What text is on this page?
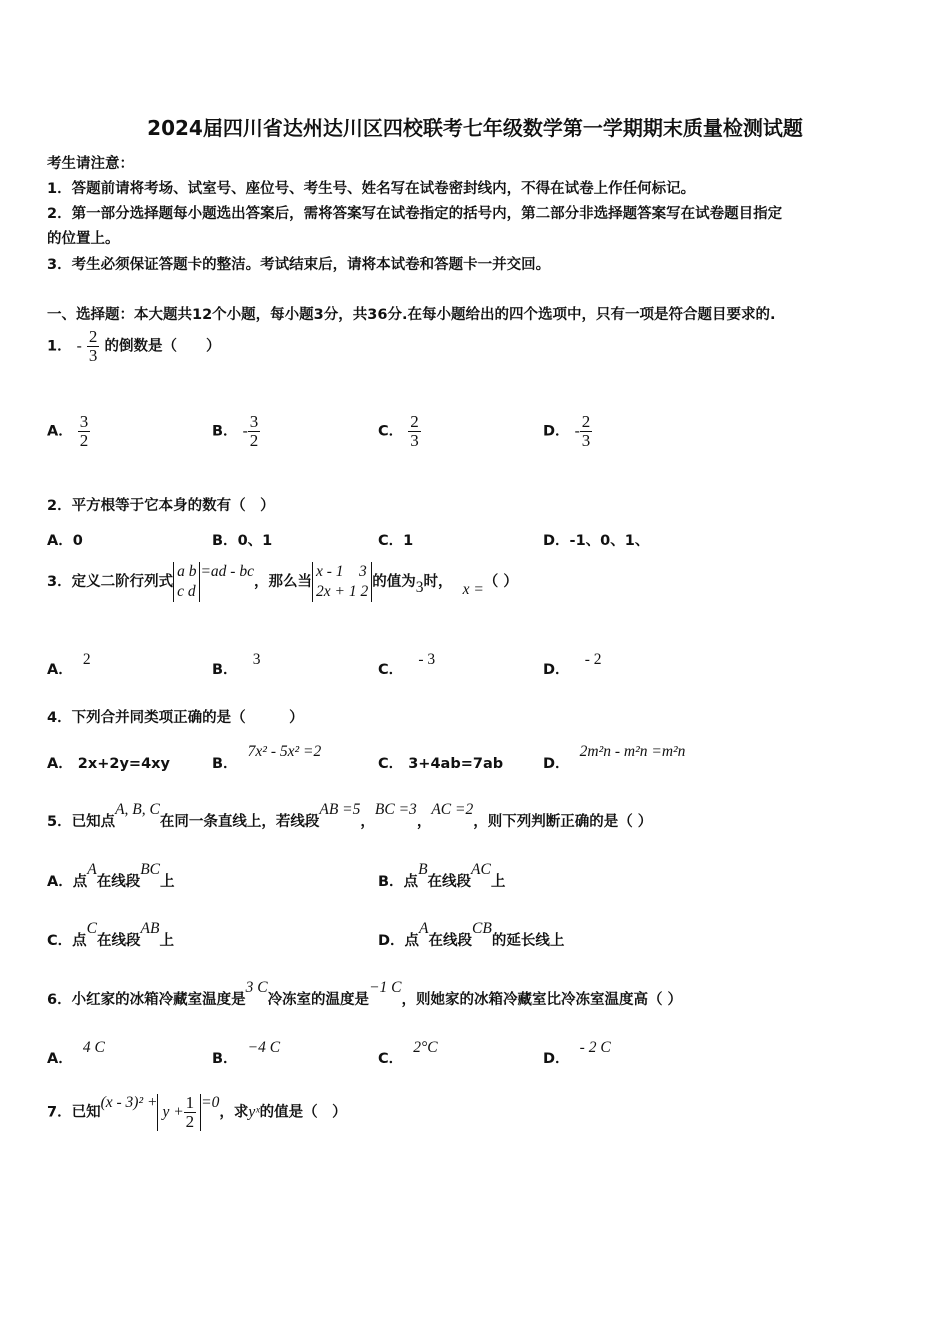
2024届四川省达州达川区四校联考七年级数学第一学期期末质量检测试题
考生请注意：
1．答题前请将考场、试室号、座位号、考生号、姓名写在试卷密封线内，不得在试卷上作任何标记。
2．第一部分选择题每小题选出答案后，需将答案写在试卷指定的括号内，第二部分非选择题答案写在试卷题目指定
的位置上。
3．考生必须保证答题卡的整洁。考试结束后，请将本试卷和答题卡一并交回。
一、选择题：本大题共12个小题，每小题3分，共36分.在每小题给出的四个选项中，只有一项是符合题目要求的.
1． - $\frac{2}{3}$ 的倒数是（　　）
A． $\frac{3}{2}$	B． - $\frac{3}{2}$	C． $\frac{2}{3}$	D． - $\frac{2}{3}$
2．平方根等于它本身的数有（　）
A．0	B．0、1	C．1	D．-1、0、1、
3．定义二阶行列式
a b
c d
=ad - bc，那么当
x - 1　3
2x + 1 2
的值为3时， x =（ ）
A．  2
B．   3
C．   - 3
D．   - 2
4．下列合并同类项正确的是（　　　）
A． 2x+2y=4xy	B．  7x² - 5x² =2
C． 3+4ab=7ab	D．  2m²n - m²n =m²n
5．已知点A, B, C在同一条直线上，若线段AB =5，BC =3，AC =2，则下列判断正确的是（ ）
A．点A在线段BC上	B．点B在线段AC上
C．点C在线段AB上	D．点A在线段CB的延长线上
6．小红家的冰箱冷藏室温度是3 C冷冻室的温度是−1 C，则她家的冰箱冷藏室比冷冻室温度高（ ）
A．  4 C
B．  −4 C
C．  2°C
D．  - 2 C
7．已知$(x - 3)^2 +y + \frac{1}{2} =0$，求yˣ的值是（　）
